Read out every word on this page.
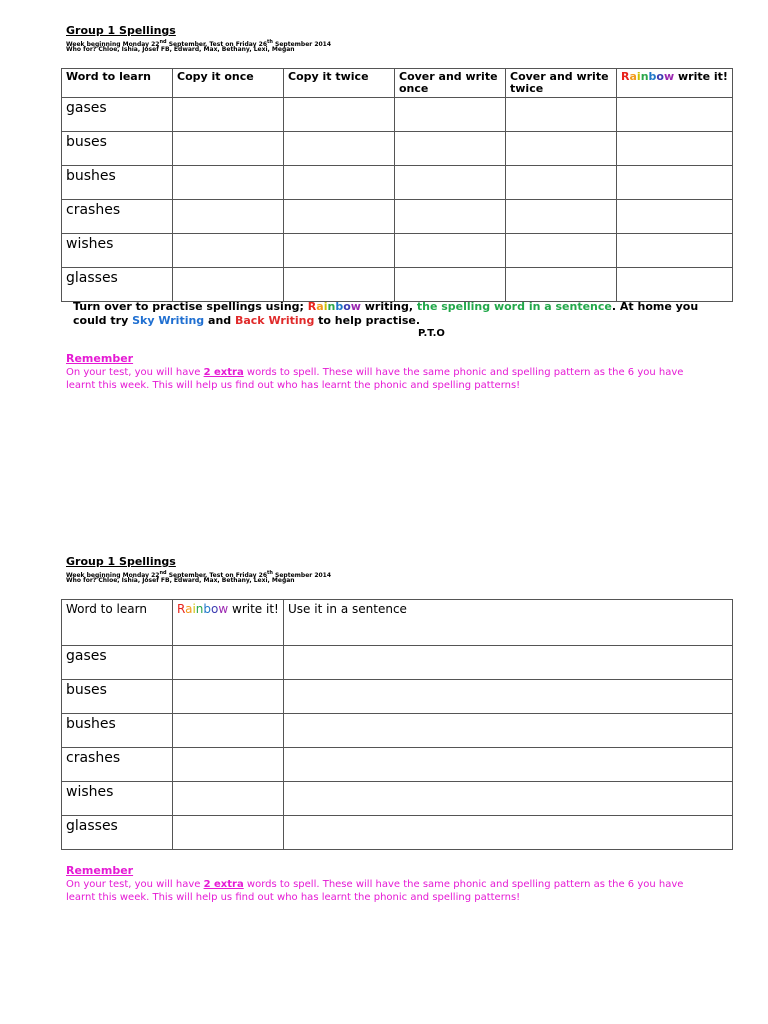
Group 1 Spellings
Week beginning Monday 22nd September, Test on Friday 26th September 2014
Who for? Chloe, Ishia, Josef FB, Edward, Max, Bethany, Lexi, Megan
Word to learn	Copy it once	Copy it twice	Cover and write once	Cover and write twice	Rainbow write it!
gases					
buses					
bushes					
crashes					
wishes					
glasses					
Turn over to practise spellings using; Rainbow writing, the spelling word in a sentence. At home you could try Sky Writing and Back Writing to help practise.
P.T.O
Remember
On your test, you will have 2 extra words to spell. These will have the same phonic and spelling pattern as the 6 you have learnt this week. This will help us find out who has learnt the phonic and spelling patterns!
Group 1 Spellings
Week beginning Monday 22nd September, Test on Friday 26th September 2014
Who for? Chloe, Ishia, Josef FB, Edward, Max, Bethany, Lexi, Megan
Word to learn	Rainbow write it!	Use it in a sentence
gases		
buses		
bushes		
crashes		
wishes		
glasses		
Remember
On your test, you will have 2 extra words to spell. These will have the same phonic and spelling pattern as the 6 you have learnt this week. This will help us find out who has learnt the phonic and spelling patterns!
